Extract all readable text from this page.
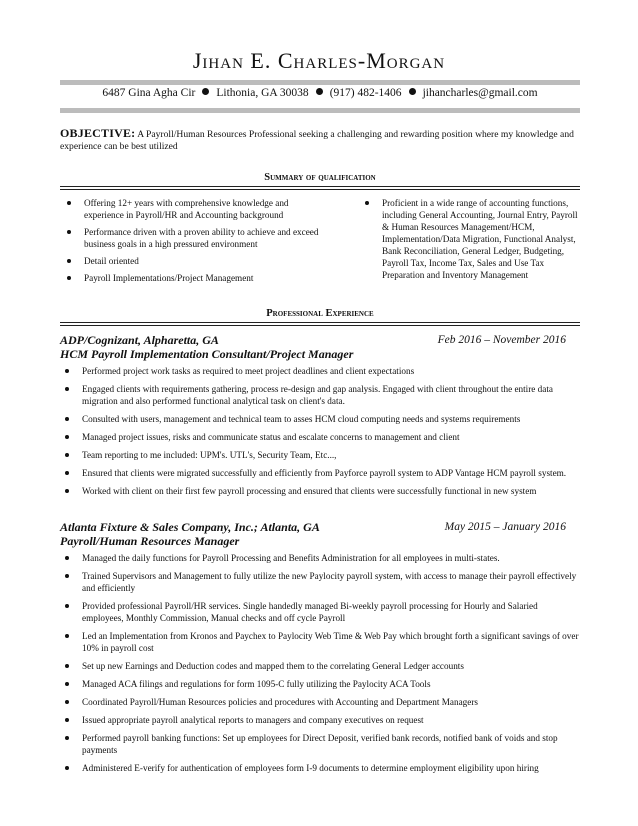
Jihan E. Charles-Morgan
6487 Gina Agha Cir Lithonia, GA 30038 (917) 482-1406 jihancharles@gmail.com
OBJECTIVE: A Payroll/Human Resources Professional seeking a challenging and rewarding position where my knowledge and experience can be best utilized
Summary of qualification
Offering 12+ years with comprehensive knowledge and experience in Payroll/HR and Accounting background
Performance driven with a proven ability to achieve and exceed business goals in a high pressured environment
Detail oriented
Payroll Implementations/Project Management
Proficient in a wide range of accounting functions, including General Accounting, Journal Entry, Payroll & Human Resources Management/HCM, Implementation/Data Migration, Functional Analyst, Bank Reconciliation, General Ledger, Budgeting, Payroll Tax, Income Tax, Sales and Use Tax Preparation and Inventory Management
Professional Experience
ADP/Cognizant, Alpharetta, GA	Feb 2016 – November 2016
HCM Payroll Implementation Consultant/Project Manager
Performed project work tasks as required to meet project deadlines and client expectations
Engaged clients with requirements gathering, process re-design and gap analysis. Engaged with client throughout the entire data migration and also performed functional analytical task on client's data.
Consulted with users, management and technical team to asses HCM cloud computing needs and systems requirements
Managed project issues, risks and communicate status and escalate concerns to management and client
Team reporting to me included: UPM's. UTL's, Security Team, Etc...,
Ensured that clients were migrated successfully and efficiently from Payforce payroll system to ADP Vantage HCM payroll system.
Worked with client on their first few payroll processing and ensured that clients were successfully functional in new system
Atlanta Fixture & Sales Company, Inc.; Atlanta, GA	May 2015 – January 2016
Payroll/Human Resources Manager
Managed the daily functions for Payroll Processing and Benefits Administration for all employees in multi-states.
Trained Supervisors and Management to fully utilize the new Paylocity payroll system, with access to manage their payroll effectively and efficiently
Provided professional Payroll/HR services. Single handedly managed Bi-weekly payroll processing for Hourly and Salaried employees, Monthly Commission, Manual checks and off cycle Payroll
Led an Implementation from Kronos and Paychex to Paylocity Web Time & Web Pay which brought forth a significant savings of over 10% in payroll cost
Set up new Earnings and Deduction codes and mapped them to the correlating General Ledger accounts
Managed ACA filings and regulations for form 1095-C fully utilizing the Paylocity ACA Tools
Coordinated Payroll/Human Resources policies and procedures with Accounting and Department Managers
Issued appropriate payroll analytical reports to managers and company executives on request
Performed payroll banking functions: Set up employees for Direct Deposit, verified bank records, notified bank of voids and stop payments
Administered E-verify for authentication of employees form I-9 documents to determine employment eligibility upon hiring
